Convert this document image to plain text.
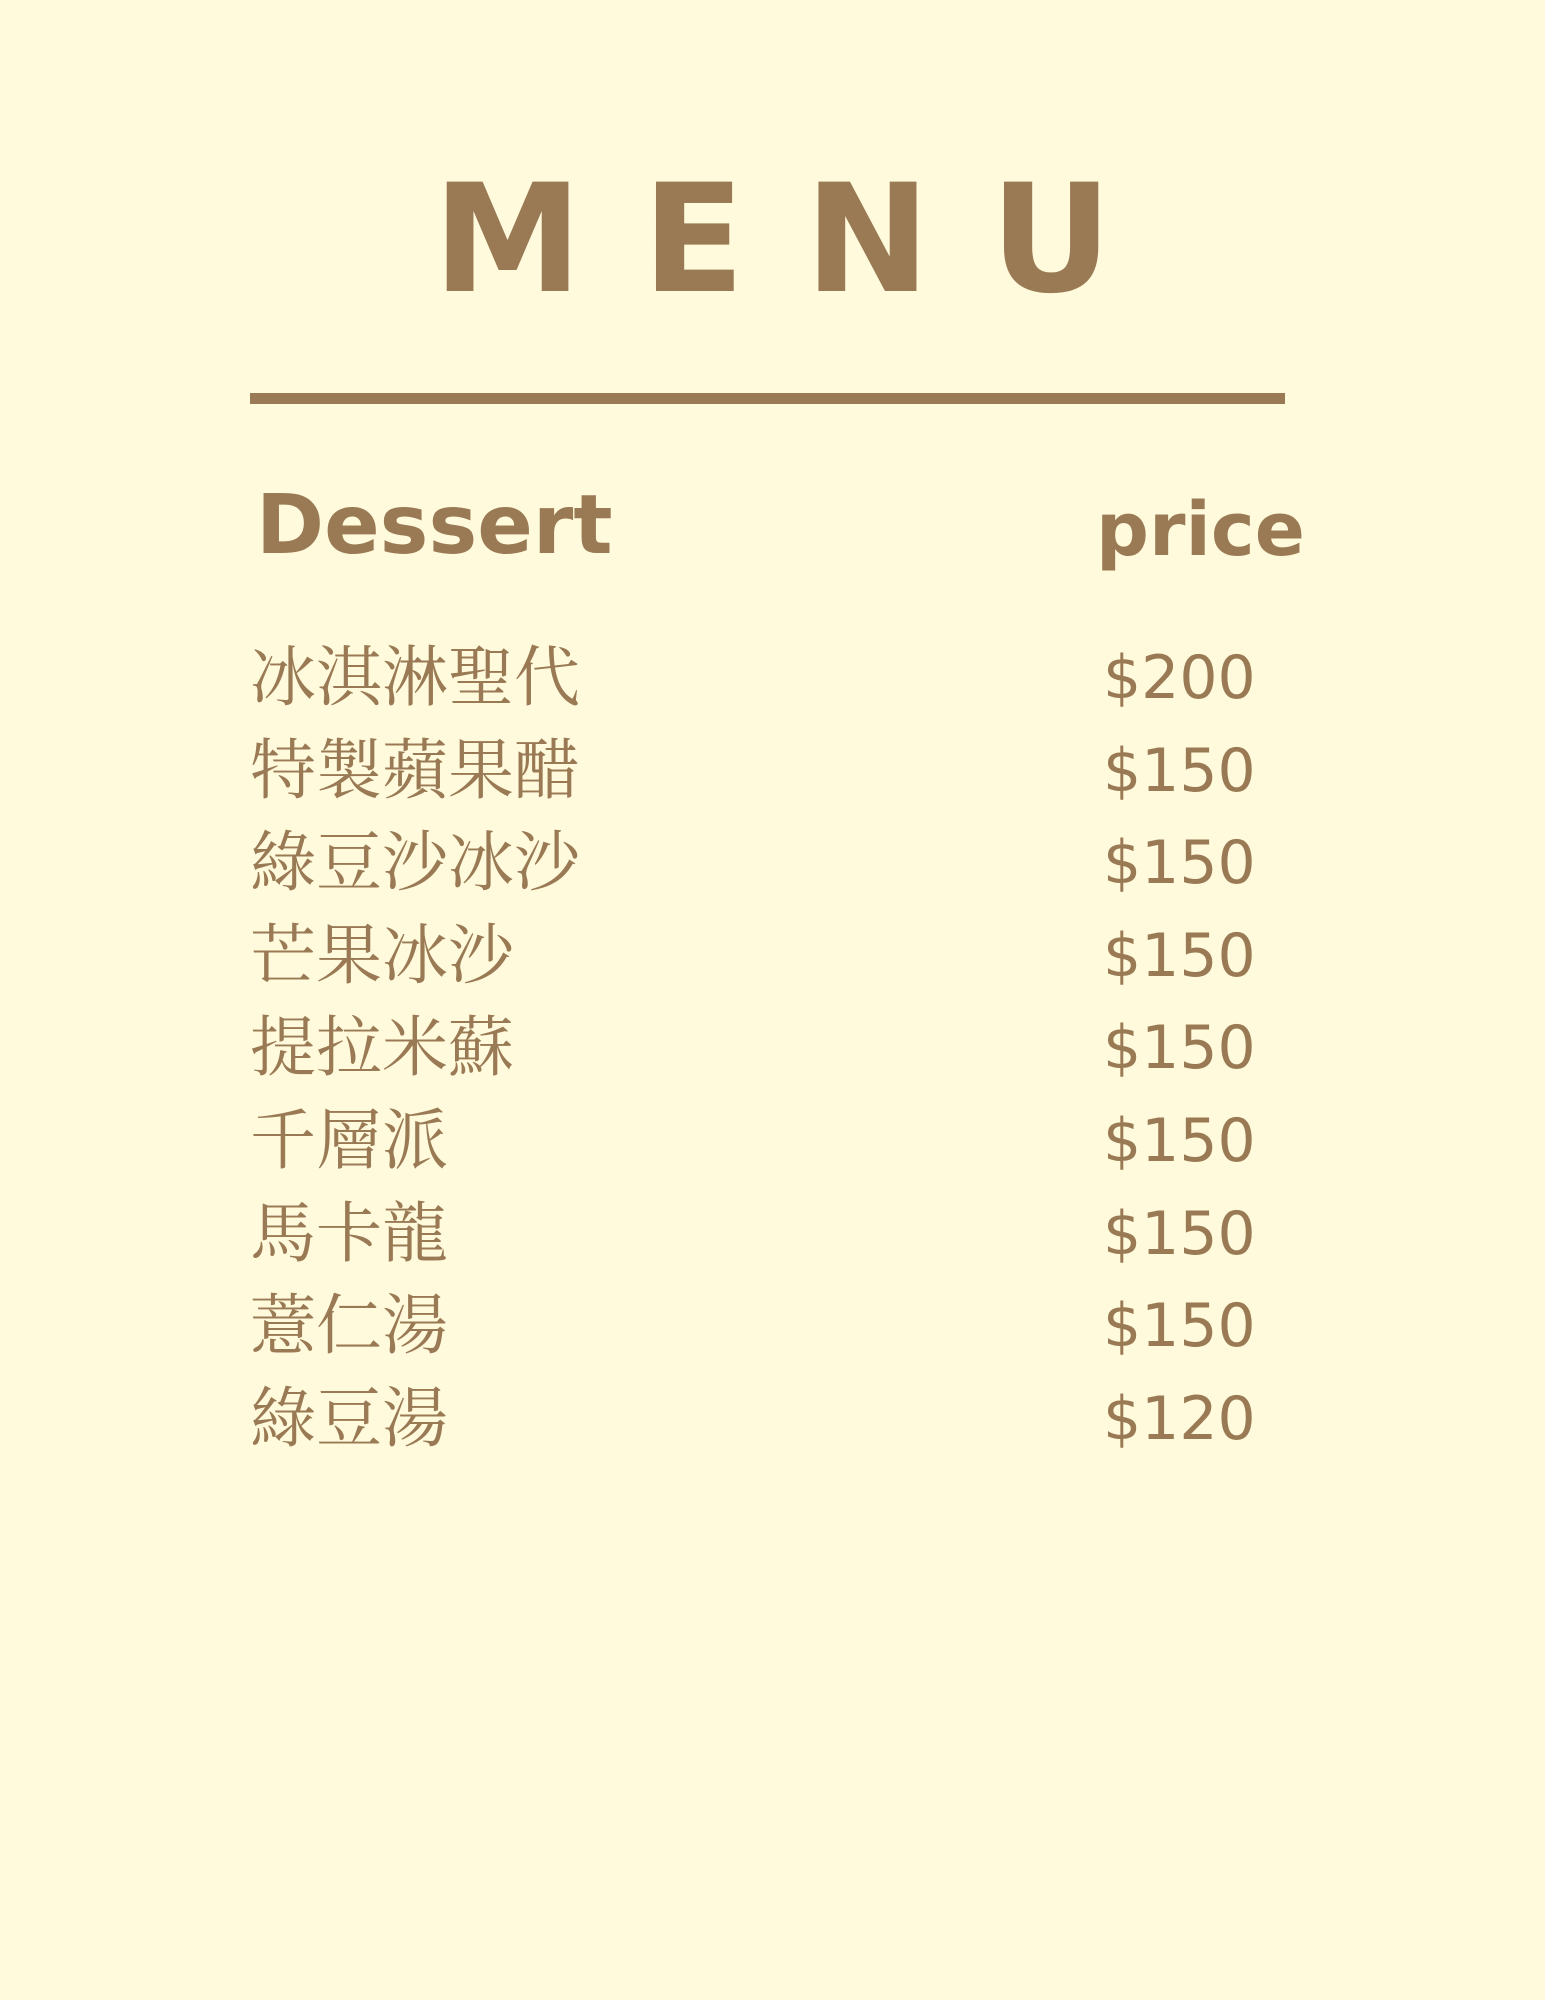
MENU
Dessert	price
冰淇淋聖代	$200
特製蘋果醋	$150
綠豆沙冰沙	$150
芒果冰沙	$150
提拉米蘇	$150
千層派	$150
馬卡龍	$150
薏仁湯	$150
綠豆湯	$120
